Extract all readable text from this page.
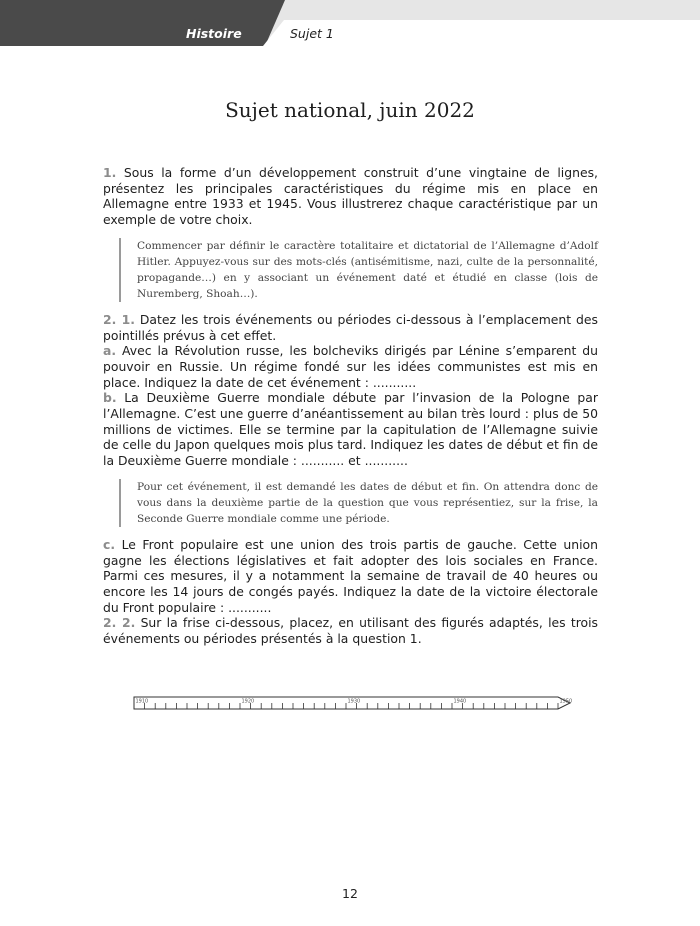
Histoire	Sujet 1
Sujet national, juin 2022

1. Sous la forme d’un développement construit d’une vingtaine de lignes, présentez les principales caractéristiques du régime mis en place en Allemagne entre 1933 et 1945. Vous illustrerez chaque caractéristique par un exemple de votre choix.

Commencer par définir le caractère totalitaire et dictatorial de l’Allemagne d’Adolf Hitler. Appuyez-vous sur des mots-clés (antisémitisme, nazi, culte de la personnalité, propagande…) en y associant un événement daté et étudié en classe (lois de Nuremberg, Shoah…).

2. 1. Datez les trois événements ou périodes ci-dessous à l’emplacement des pointillés prévus à cet effet.

a. Avec la Révolution russe, les bolcheviks dirigés par Lénine s’emparent du pouvoir en Russie. Un régime fondé sur les idées communistes est mis en place. Indiquez la date de cet événement : ...........

b. La Deuxième Guerre mondiale débute par l’invasion de la Pologne par l’Allemagne. C’est une guerre d’anéantissement au bilan très lourd : plus de 50 millions de victimes. Elle se termine par la capitulation de l’Allemagne suivie de celle du Japon quelques mois plus tard. Indiquez les dates de début et fin de la Deuxième Guerre mondiale : ........... et ...........

Pour cet événement, il est demandé les dates de début et fin. On attendra donc de vous dans la deuxième partie de la question que vous représentiez, sur la frise, la Seconde Guerre mondiale comme une période.

c. Le Front populaire est une union des trois partis de gauche. Cette union gagne les élections législatives et fait adopter des lois sociales en France. Parmi ces mesures, il y a notamment la semaine de travail de 40 heures ou encore les 14 jours de congés payés. Indiquez la date de la victoire électorale du Front populaire : ...........

2. 2. Sur la frise ci-dessous, placez, en utilisant des figurés adaptés, les trois événements ou périodes présentés à la question 1.

1910	1920	1930	1940	1950
12
